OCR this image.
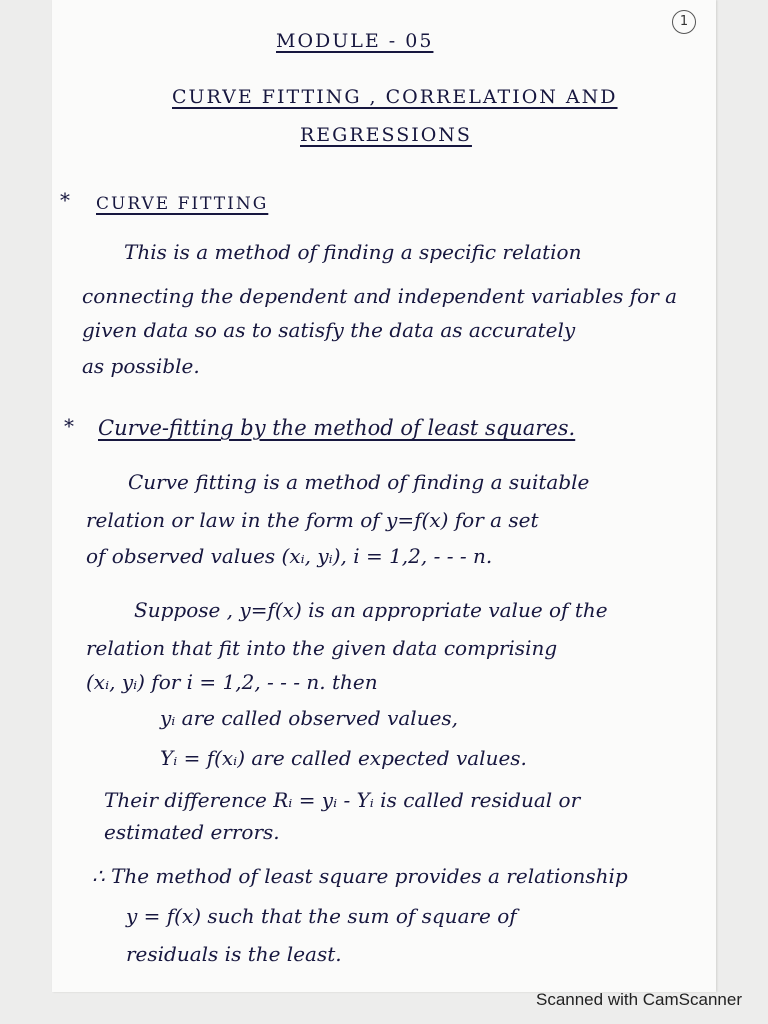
1
MODULE - 05
CURVE FITTING , CORRELATION AND
REGRESSIONS
* CURVE FITTING
This is a method of finding a specific relation
connecting the dependent and independent variables for a
given data so as to satisfy the data as accurately
as possible.
* Curve-fitting by the method of least squares.
Curve fitting is a method of finding a suitable
relation or law in the form of y=f(x) for a set
of observed values (xᵢ, yᵢ), i = 1,2, - - - n.
Suppose , y=f(x) is an appropriate value of the
relation that fit into the given data comprising
(xᵢ, yᵢ) for i = 1,2, - - - n. then
yᵢ are called observed values,
Yᵢ = f(xᵢ) are called expected values.
Their difference Rᵢ = yᵢ - Yᵢ is called residual or
estimated errors.
∴ The method of least square provides a relationship
y = f(x) such that the sum of square of
residuals is the least.
Scanned with CamScanner
